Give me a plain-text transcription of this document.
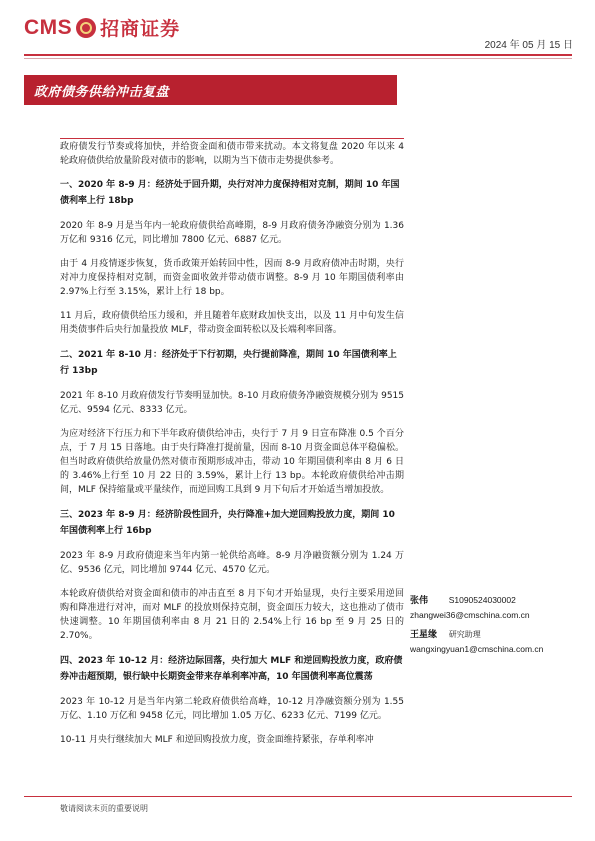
CMS 招商证券
2024 年 05 月 15 日
政府债务供给冲击复盘

政府债发行节奏或将加快，并给资金面和债市带来扰动。本文将复盘 2020 年以来 4 轮政府债供给放量阶段对债市的影响，以期为当下债市走势提供参考。

一、2020 年 8-9 月：经济处于回升期，央行对冲力度保持相对克制，期间 10 年国债利率上行 18bp

2020 年 8-9 月是当年内一轮政府债供给高峰期，8-9 月政府债务净融资分别为 1.36 万亿和 9316 亿元，同比增加 7800 亿元、6887 亿元。

由于 4 月疫情逐步恢复，货币政策开始转回中性，因而 8-9 月政府债冲击时期，央行对冲力度保持相对克制，而资金面收敛并带动债市调整。8-9 月 10 年期国债利率由 2.97%上行至 3.15%，累计上行 18 bp。

11 月后，政府债供给压力缓和，并且随着年底财政加快支出，以及 11 月中旬发生信用类债事件后央行加量投放 MLF，带动资金面转松以及长端利率回落。

二、2021 年 8-10 月：经济处于下行初期，央行提前降准，期间 10 年国债利率上行 13bp

2021 年 8-10 月政府债发行节奏明显加快。8-10 月政府债务净融资规模分别为 9515 亿元、9594 亿元、8333 亿元。

为应对经济下行压力和下半年政府债供给冲击，央行于 7 月 9 日宣布降准 0.5 个百分点，于 7 月 15 日落地。由于央行降准打提前量，因而 8-10 月资金面总体平稳偏松。但当时政府债供给放量仍然对债市预期形成冲击，带动 10 年期国债利率由 8 月 6 日的 3.46%上行至 10 月 22 日的 3.59%，累计上行 13 bp。本轮政府债供给冲击期间，MLF 保持缩量或平量续作，而逆回购工具到 9 月下旬后才开始适当增加投放。

三、2023 年 8-9 月：经济阶段性回升，央行降准+加大逆回购投放力度，期间 10 年国债利率上行 16bp

2023 年 8-9 月政府债迎来当年内第一轮供给高峰。8-9 月净融资额分别为 1.24 万亿、9536 亿元，同比增加 9744 亿元、4570 亿元。

本轮政府债供给对资金面和债市的冲击直至 8 月下旬才开始显现，央行主要采用逆回购和降准进行对冲，而对 MLF 的投放则保持克制，资金面压力较大，这也推动了债市快速调整。10 年期国债利率由 8 月 21 日的 2.54%上行 16 bp 至 9 月 25 日的 2.70%。

四、2023 年 10-12 月：经济边际回落，央行加大 MLF 和逆回购投放力度，政府债券冲击超预期，银行缺中长期资金带来存单利率冲高，10 年国债利率高位震荡

2023 年 10-12 月是当年内第二轮政府债供给高峰，10-12 月净融资额分别为 1.55 万亿、1.10 万亿和 9458 亿元，同比增加 1.05 万亿、6233 亿元、7199 亿元。

10-11 月央行继续加大 MLF 和逆回购投放力度，资金面维持紧张，存单利率冲

张伟 S1090524030002
zhangwei36@cmschina.com.cn
王星缘 研究助理
wangxingyuan1@cmschina.com.cn
敬请阅读末页的重要说明
